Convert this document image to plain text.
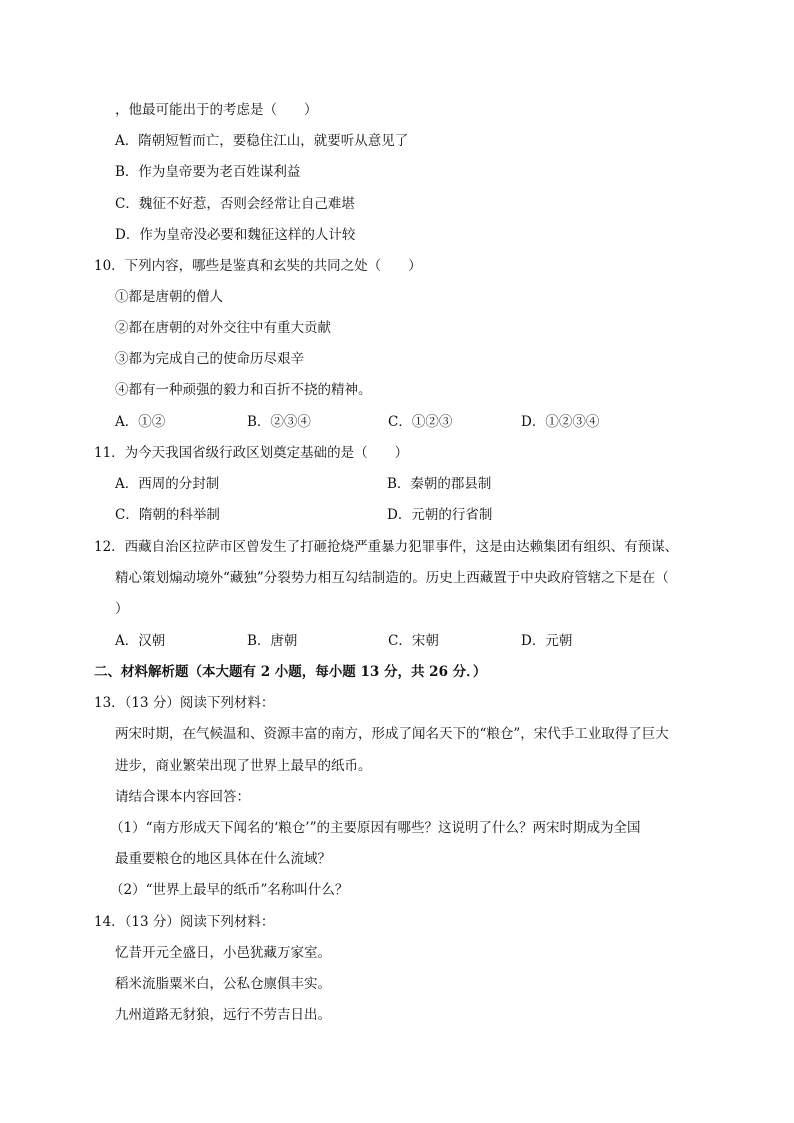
，他最可能出于的考虑是（　　）
A．隋朝短暂而亡，要稳住江山，就要听从意见了
B．作为皇帝要为老百姓谋利益
C．魏征不好惹，否则会经常让自己难堪
D．作为皇帝没必要和魏征这样的人计较
10．下列内容，哪些是鉴真和玄奘的共同之处（　　）
①都是唐朝的僧人
②都在唐朝的对外交往中有重大贡献
③都为完成自己的使命历尽艰辛
④都有一种顽强的毅力和百折不挠的精神。
A．①②	B．②③④	C．①②③	D．①②③④
11．为今天我国省级行政区划奠定基础的是（　　）
A．西周的分封制	B．秦朝的郡县制
C．隋朝的科举制	D．元朝的行省制
12．西藏自治区拉萨市区曾发生了打砸抢烧严重暴力犯罪事件，这是由达赖集团有组织、有预谋、
精心策划煽动境外“藏独”分裂势力相互勾结制造的。历史上西藏置于中央政府管辖之下是在（
）
A．汉朝	B．唐朝	C．宋朝	D．元朝
二、材料解析题（本大题有 2 小题，每小题 13 分，共 26 分．）
13．（13 分）阅读下列材料：
两宋时期，在气候温和、资源丰富的南方，形成了闻名天下的“粮仓”，宋代手工业取得了巨大
进步，商业繁荣出现了世界上最早的纸币。
请结合课本内容回答：
（1）“南方形成天下闻名的‘粮仓’”的主要原因有哪些？这说明了什么？两宋时期成为全国
最重要粮仓的地区具体在什么流域？
（2）“世界上最早的纸币”名称叫什么？
14．（13 分）阅读下列材料：
忆昔开元全盛日，小邑犹藏万家室。
稻米流脂粟米白，公私仓廪俱丰实。
九州道路无豺狼，远行不劳吉日出。
